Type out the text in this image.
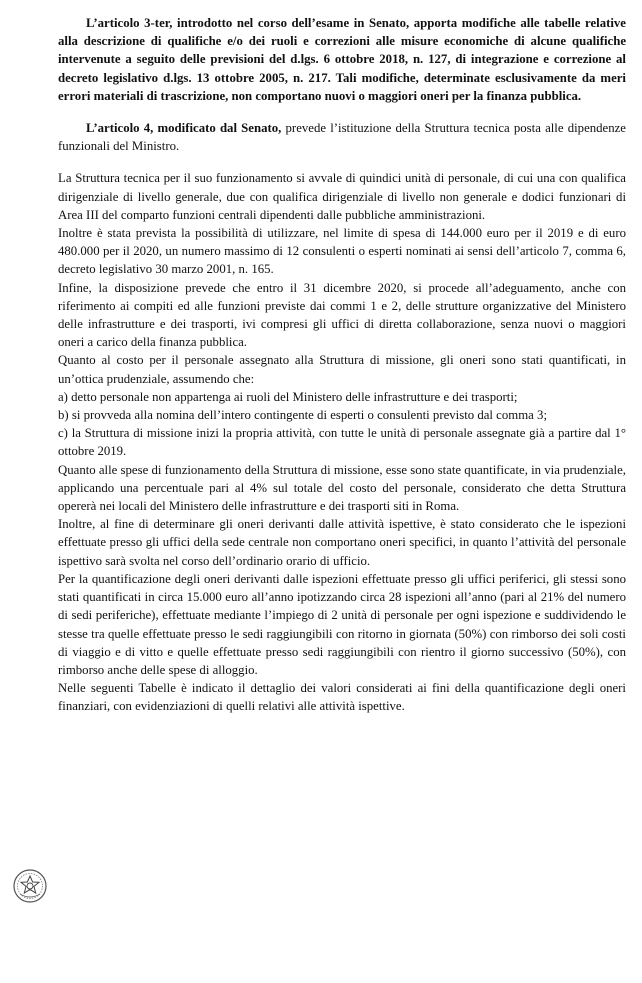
L’articolo 3-ter, introdotto nel corso dell’esame in Senato, apporta modifiche alle tabelle relative alla descrizione di qualifiche e/o dei ruoli e correzioni alle misure economiche di alcune qualifiche intervenute a seguito delle previsioni del d.lgs. 6 ottobre 2018, n. 127, di integrazione e correzione al decreto legislativo d.lgs. 13 ottobre 2005, n. 217. Tali modifiche, determinate esclusivamente da meri errori materiali di trascrizione, non comportano nuovi o maggiori oneri per la finanza pubblica.

L’articolo 4, modificato dal Senato, prevede l’istituzione della Struttura tecnica posta alle dipendenze funzionali del Ministro.

La Struttura tecnica per il suo funzionamento si avvale di quindici unità di personale, di cui una con qualifica dirigenziale di livello generale, due con qualifica dirigenziale di livello non generale e dodici funzionari di Area III del comparto funzioni centrali dipendenti dalle pubbliche amministrazioni.

Inoltre è stata prevista la possibilità di utilizzare, nel limite di spesa di 144.000 euro per il 2019 e di euro 480.000 per il 2020, un numero massimo di 12 consulenti o esperti nominati ai sensi dell’articolo 7, comma 6, decreto legislativo 30 marzo 2001, n. 165.

Infine, la disposizione prevede che entro il 31 dicembre 2020, si procede all’adeguamento, anche con riferimento ai compiti ed alle funzioni previste dai commi 1 e 2, delle strutture organizzative del Ministero delle infrastrutture e dei trasporti, ivi compresi gli uffici di diretta collaborazione, senza nuovi o maggiori oneri a carico della finanza pubblica.

Quanto al costo per il personale assegnato alla Struttura di missione, gli oneri sono stati quantificati, in un’ottica prudenziale, assumendo che:

a) detto personale non appartenga ai ruoli del Ministero delle infrastrutture e dei trasporti;

b) si provveda alla nomina dell’intero contingente di esperti o consulenti previsto dal comma 3;

c) la Struttura di missione inizi la propria attività, con tutte le unità di personale assegnate già a partire dal 1° ottobre 2019.

Quanto alle spese di funzionamento della Struttura di missione, esse sono state quantificate, in via prudenziale, applicando una percentuale pari al 4% sul totale del costo del personale, considerato che detta Struttura opererà nei locali del Ministero delle infrastrutture e dei trasporti siti in Roma.

Inoltre, al fine di determinare gli oneri derivanti dalle attività ispettive, è stato considerato che le ispezioni effettuate presso gli uffici della sede centrale non comportano oneri specifici, in quanto l’attività del personale ispettivo sarà svolta nel corso dell’ordinario orario di ufficio.

Per la quantificazione degli oneri derivanti dalle ispezioni effettuate presso gli uffici periferici, gli stessi sono stati quantificati in circa 15.000 euro all’anno ipotizzando circa 28 ispezioni all’anno (pari al 21% del numero di sedi periferiche), effettuate mediante l’impiego di 2 unità di personale per ogni ispezione e suddividendo le stesse tra quelle effettuate presso le sedi raggiungibili con ritorno in giornata (50%) con rimborso dei soli costi di viaggio e di vitto e quelle effettuate presso sedi raggiungibili con rientro il giorno successivo (50%), con rimborso anche delle spese di alloggio.

Nelle seguenti Tabelle è indicato il dettaglio dei valori considerati ai fini della quantificazione degli oneri finanziari, con evidenziazioni di quelli relativi alle attività ispettive.
